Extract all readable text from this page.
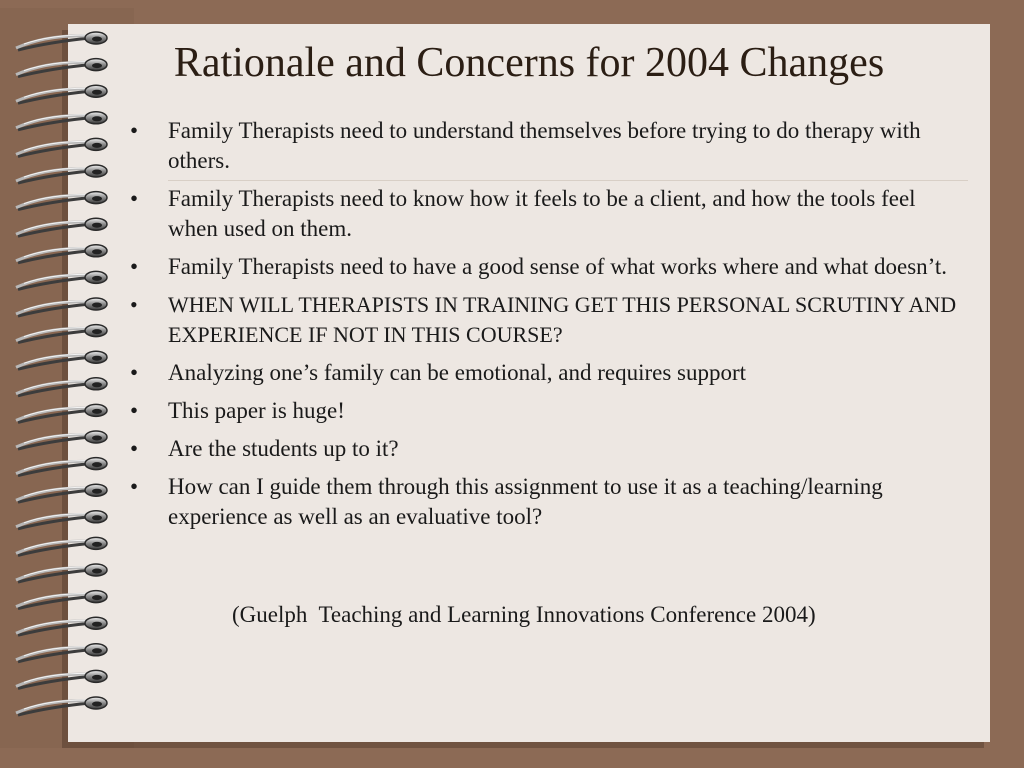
Rationale and Concerns for 2004 Changes
• Family Therapists need to understand themselves before trying to do therapy with others.
• Family Therapists need to know how it feels to be a client, and how the tools feel when used on them.
• Family Therapists need to have a good sense of what works where and what doesn’t.
• WHEN WILL THERAPISTS IN TRAINING GET THIS PERSONAL SCRUTINY AND EXPERIENCE IF NOT IN THIS COURSE?
• Analyzing one’s family can be emotional, and requires support
• This paper is huge!
• Are the students up to it?
• How can I guide them through this assignment to use it as a teaching/learning experience as well as an evaluative tool?
(Guelph  Teaching and Learning Innovations Conference 2004)
